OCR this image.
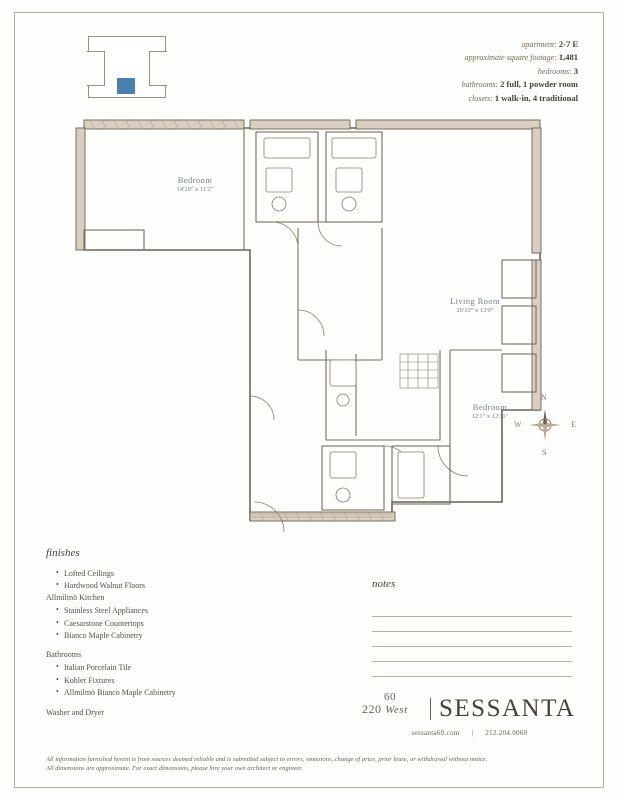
apartment: 2-7 E
approximate square footage: 1,481
bedrooms: 3
bathrooms: 2 full, 1 powder room
closets: 1 walk-in, 4 traditional
Bedroom
14'10" x 11'2"
Living Room
26'10" x 13'0"
Bedroom
12'1" x 12'11"
N
S
E
W
finishes
• Lofted Ceilings
• Hardwood Walnut Floors

Allmilmö Kitchen

• Stainless Steel Appliances
• Caesarstone Countertops
• Bianco Maple Cabinetry

Bathrooms

• Italian Porcelain Tile
• Kohler Fixtures
• Allmilmö Bianco Maple Cabinetry

Washer and Dryer

notes
60
220 West	SESSANTA
sessanta60.com | 212.204.0060
All information furnished herein is from sources deemed reliable and is submitted subject to errors, omissions, change of price, prior lease, or withdrawal without notice.
All dimensions are approximate. For exact dimensions, please hire your own architect or engineer.
